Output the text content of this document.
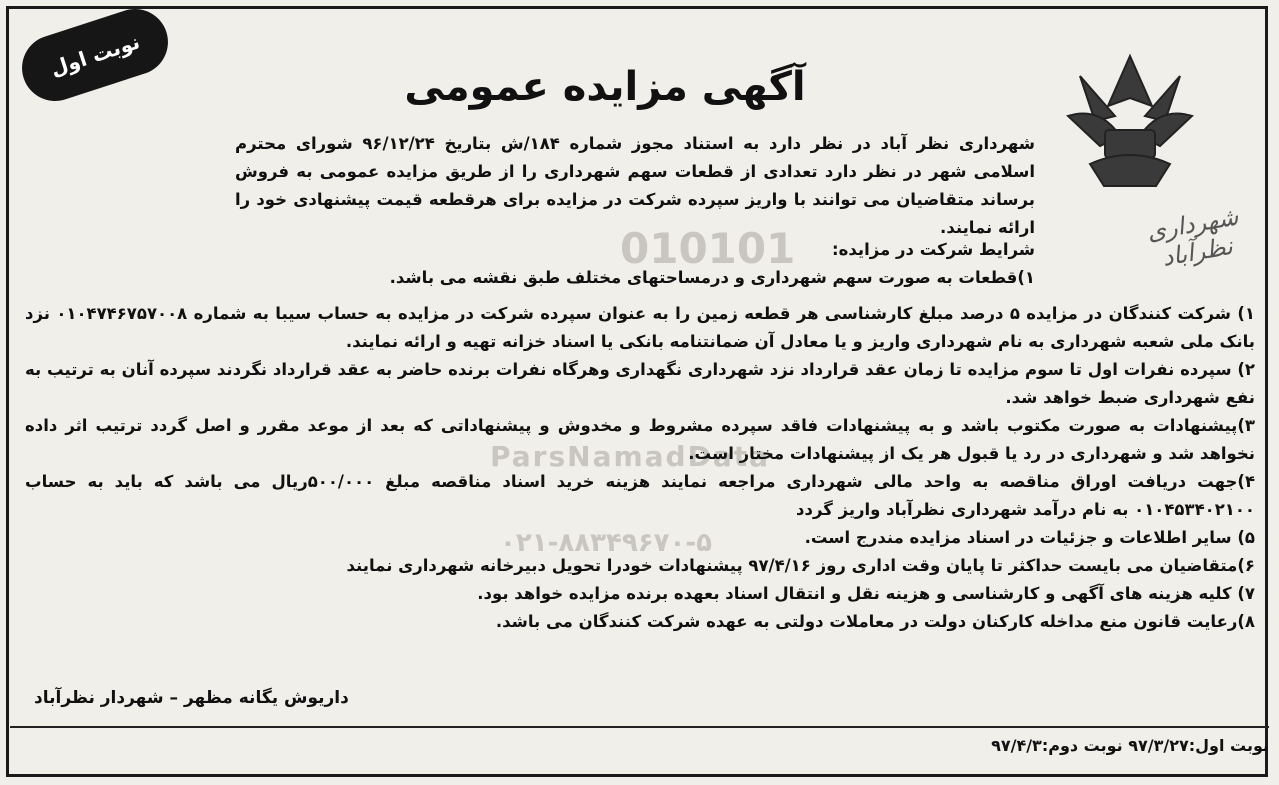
010101
ParsNamadData
۰۲۱-۸۸۳۴۹۶۷۰-۵
نوبت اول
شهرداری نظرآباد
آگهی مزایده عمومی
شهرداری نظر آباد در نظر دارد به استناد مجوز شماره ۱۸۴/ش بتاریخ ۹۶/۱۲/۲۴ شورای محترم اسلامی شهر در نظر دارد تعدادی از قطعات سهم شهرداری را از طریق مزایده عمومی به فروش برساند متقاضیان می توانند با واریز سپرده شرکت در مزایده برای هرقطعه قیمت پیشنهادی خود را ارائه نمایند.
شرایط شرکت در مزایده:
۱)قطعات به صورت سهم شهرداری و درمساحتهای مختلف طبق نقشه می باشد.
۱) شرکت کنندگان در مزایده ۵ درصد مبلغ کارشناسی هر قطعه زمین را به عنوان سپرده شرکت در مزایده به حساب سیبا به شماره ۰۱۰۴۷۴۶۷۵۷۰۰۸ نزد بانک ملی شعبه شهرداری به نام شهرداری واریز و یا معادل آن ضمانتنامه بانکی یا اسناد خزانه تهیه و ارائه نمایند.
۲) سپرده نفرات اول تا سوم مزایده تا زمان عقد قرارداد نزد شهرداری نگهداری وهرگاه نفرات برنده حاضر به عقد قرارداد نگردند سپرده آنان به ترتیب به نفع شهرداری ضبط خواهد شد.
۳)پیشنهادات به صورت مکتوب باشد و به پیشنهادات فاقد سپرده مشروط و مخدوش و پیشنهاداتی که بعد از موعد مقرر و اصل گردد ترتیب اثر داده نخواهد شد و شهرداری در رد یا قبول هر یک از پیشنهادات مختار است.
۴)جهت دریافت اوراق مناقصه به واحد مالی شهرداری مراجعه نمایند هزینه خرید اسناد مناقصه مبلغ ۵۰۰/۰۰۰ریال می باشد که باید به حساب ۰۱۰۴۵۳۴۰۲۱۰۰ به نام درآمد شهرداری نظرآباد واریز گردد
۵) سایر اطلاعات و جزئیات در اسناد مزایده مندرج است.
۶)متقاضیان می بایست حداکثر تا پایان وقت اداری روز ۹۷/۴/۱۶ پیشنهادات خودرا تحویل دبیرخانه شهرداری نمایند
۷) کلیه هزینه های آگهی و کارشناسی و هزینه نقل و انتقال اسناد بعهده برنده مزایده خواهد بود.
۸)رعایت قانون منع مداخله کارکنان دولت در معاملات دولتی به عهده شرکت کنندگان می باشد.
داریوش یگانه مظهر – شهردار نظرآباد
نوبت اول:۹۷/۳/۲۷ نوبت دوم:۹۷/۴/۳
